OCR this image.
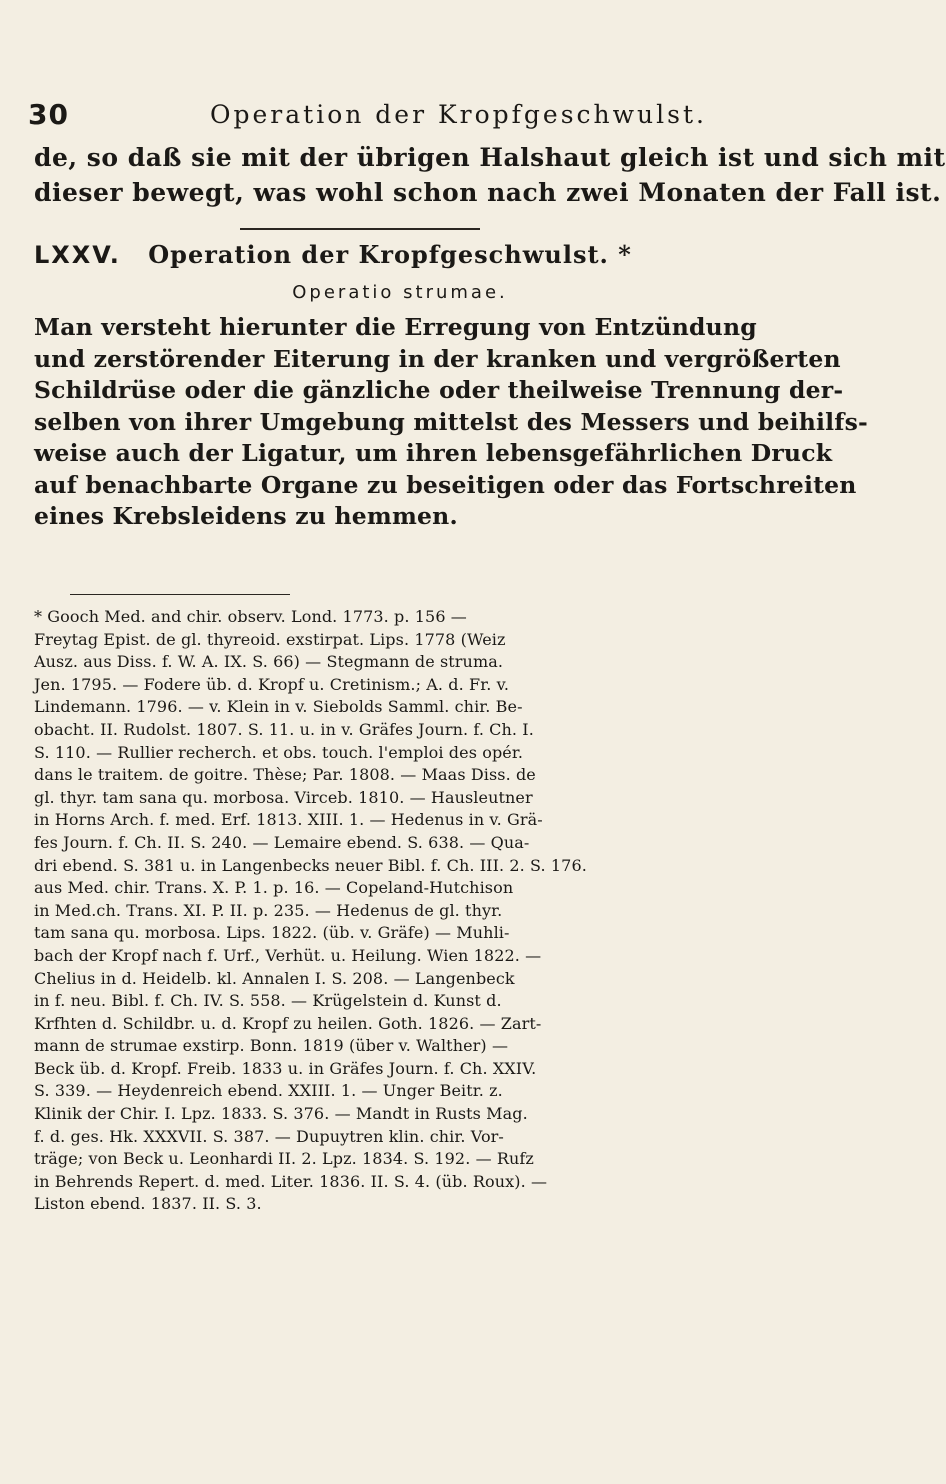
30	Operation der Kropfgeschwulst.

de, so daß sie mit der übrigen Halshaut gleich ist und sich mit

dieser bewegt, was wohl schon nach zwei Monaten der Fall ist.

LXXV. Operation der Kropfgeschwulst. *
Operatio strumae.

Man versteht hierunter die Erregung von Entzündung

und zerstörender Eiterung in der kranken und vergrößerten

Schildrüse oder die gänzliche oder theilweise Trennung der-

selben von ihrer Umgebung mittelst des Messers und beihilfs-

weise auch der Ligatur, um ihren lebensgefährlichen Druck

auf benachbarte Organe zu beseitigen oder das Fortschreiten

eines Krebsleidens zu hemmen.

* Gooch Med. and chir. observ. Lond. 1773. p. 156 —

Freytag Epist. de gl. thyreoid. exstirpat. Lips. 1778 (Weiz

Ausz. aus Diss. f. W. A. IX. S. 66) — Stegmann de struma.

Jen. 1795. — Fodere üb. d. Kropf u. Cretinism.; A. d. Fr. v.

Lindemann. 1796. — v. Klein in v. Siebolds Samml. chir. Be-

obacht. II. Rudolst. 1807. S. 11. u. in v. Gräfes Journ. f. Ch. I.

S. 110. — Rullier recherch. et obs. touch. l'emploi des opér.

dans le traitem. de goitre. Thèse; Par. 1808. — Maas Diss. de

gl. thyr. tam sana qu. morbosa. Virceb. 1810. — Hausleutner

in Horns Arch. f. med. Erf. 1813. XIII. 1. — Hedenus in v. Grä-

fes Journ. f. Ch. II. S. 240. — Lemaire ebend. S. 638. — Qua-

dri ebend. S. 381 u. in Langenbecks neuer Bibl. f. Ch. III. 2. S. 176.

aus Med. chir. Trans. X. P. 1. p. 16. — Copeland-Hutchison

in Med.ch. Trans. XI. P. II. p. 235. — Hedenus de gl. thyr.

tam sana qu. morbosa. Lips. 1822. (üb. v. Gräfe) — Muhli-

bach der Kropf nach f. Urf., Verhüt. u. Heilung. Wien 1822. —

Chelius in d. Heidelb. kl. Annalen I. S. 208. — Langenbeck

in f. neu. Bibl. f. Ch. IV. S. 558. — Krügelstein d. Kunst d.

Krfhten d. Schildbr. u. d. Kropf zu heilen. Goth. 1826. — Zart-

mann de strumae exstirp. Bonn. 1819 (über v. Walther) —

Beck üb. d. Kropf. Freib. 1833 u. in Gräfes Journ. f. Ch. XXIV.

S. 339. — Heydenreich ebend. XXIII. 1. — Unger Beitr. z.

Klinik der Chir. I. Lpz. 1833. S. 376. — Mandt in Rusts Mag.

f. d. ges. Hk. XXXVII. S. 387. — Dupuytren klin. chir. Vor-

träge; von Beck u. Leonhardi II. 2. Lpz. 1834. S. 192. — Rufz

in Behrends Repert. d. med. Liter. 1836. II. S. 4. (üb. Roux). —

Liston ebend. 1837. II. S. 3.
